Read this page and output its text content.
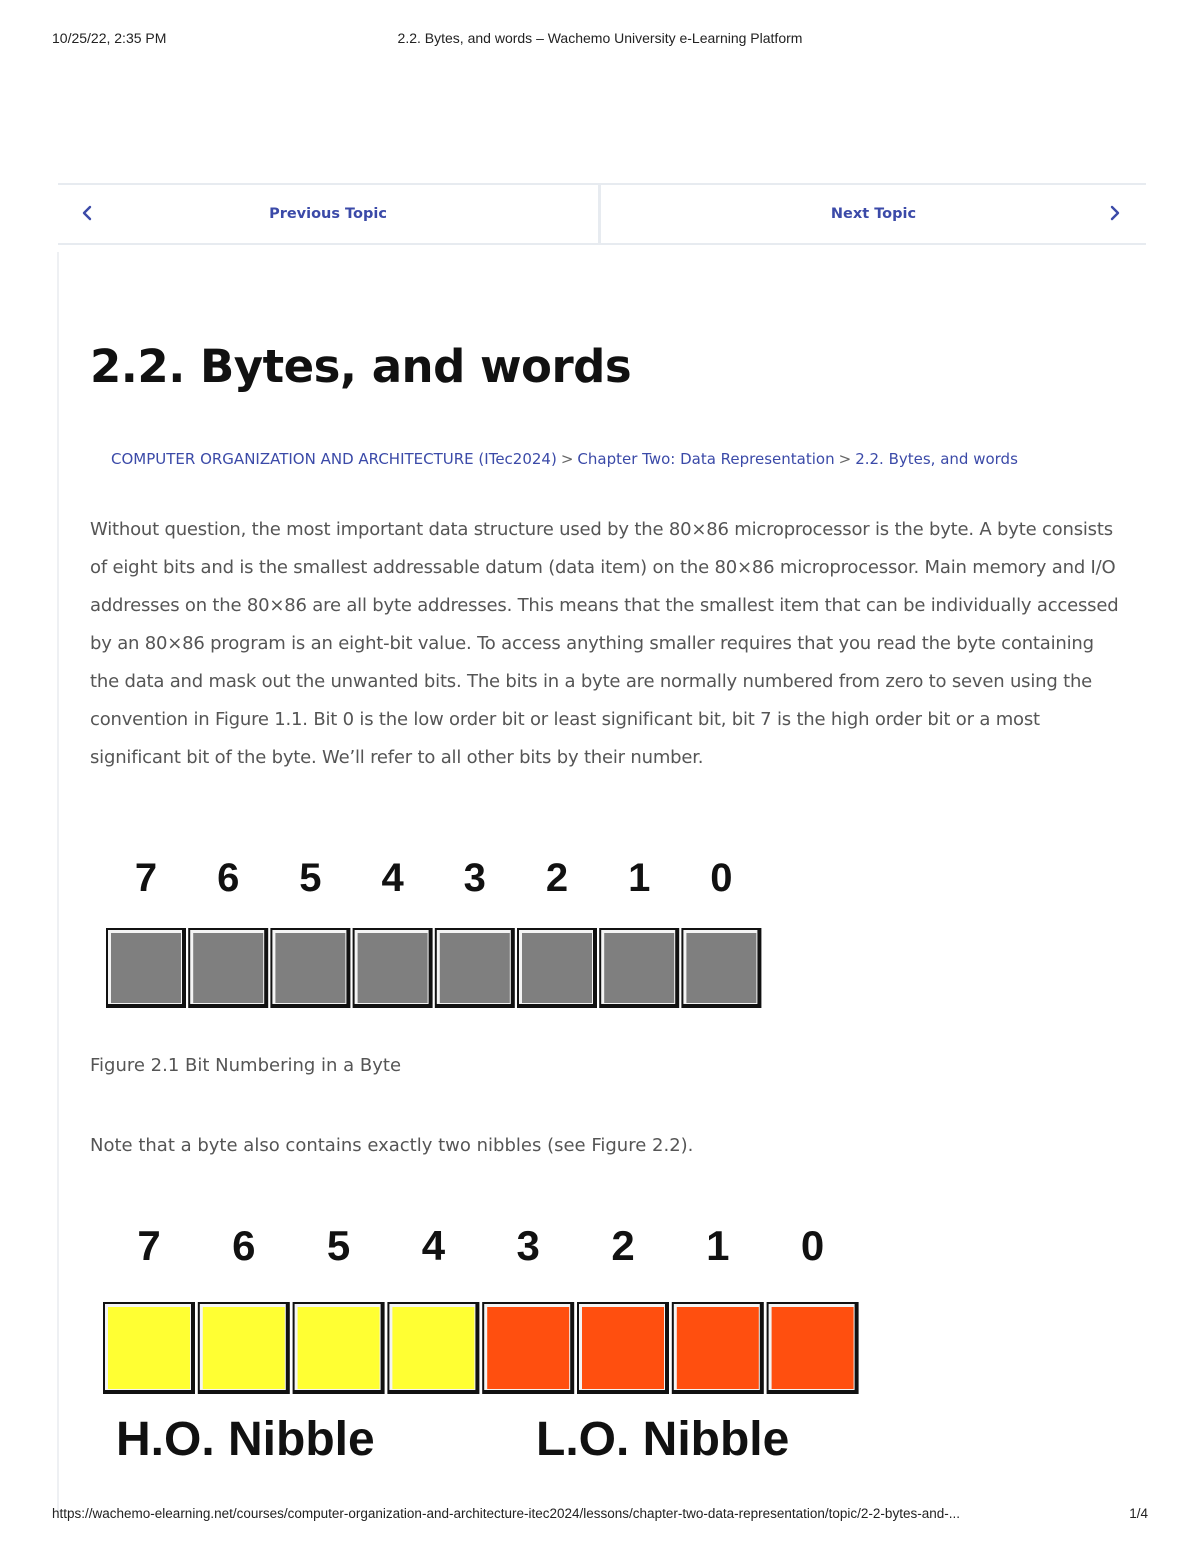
10/25/22, 2:35 PM	2.2. Bytes, and words – Wachemo University e-Learning Platform
Previous Topic	Next Topic
2.2. Bytes, and words
COMPUTER ORGANIZATION AND ARCHITECTURE (ITec2024) > Chapter Two: Data Representation > 2.2. Bytes, and words

Without question, the most important data structure used by the 80×86 microprocessor is the byte. A byte consists of eight bits and is the smallest addressable datum (data item) on the 80×86 microprocessor. Main memory and I/O addresses on the 80×86 are all byte addresses. This means that the smallest item that can be individually accessed by an 80×86 program is an eight-bit value. To access anything smaller requires that you read the byte containing the data and mask out the unwanted bits. The bits in a byte are normally numbered from zero to seven using the convention in Figure 1.1. Bit 0 is the low order bit or least significant bit, bit 7 is the high order bit or a most significant bit of the byte. We’ll refer to all other bits by their number.

7 6 5 4 3 2 1 0

Figure 2.1 Bit Numbering in a Byte

Note that a byte also contains exactly two nibbles (see Figure 2.2).

7 6 5 4 3 2 1 0
H.O. Nibble	L.O. Nibble
https://wachemo-elearning.net/courses/computer-organization-and-architecture-itec2024/lessons/chapter-two-data-representation/topic/2-2-bytes-and-...	1/4
